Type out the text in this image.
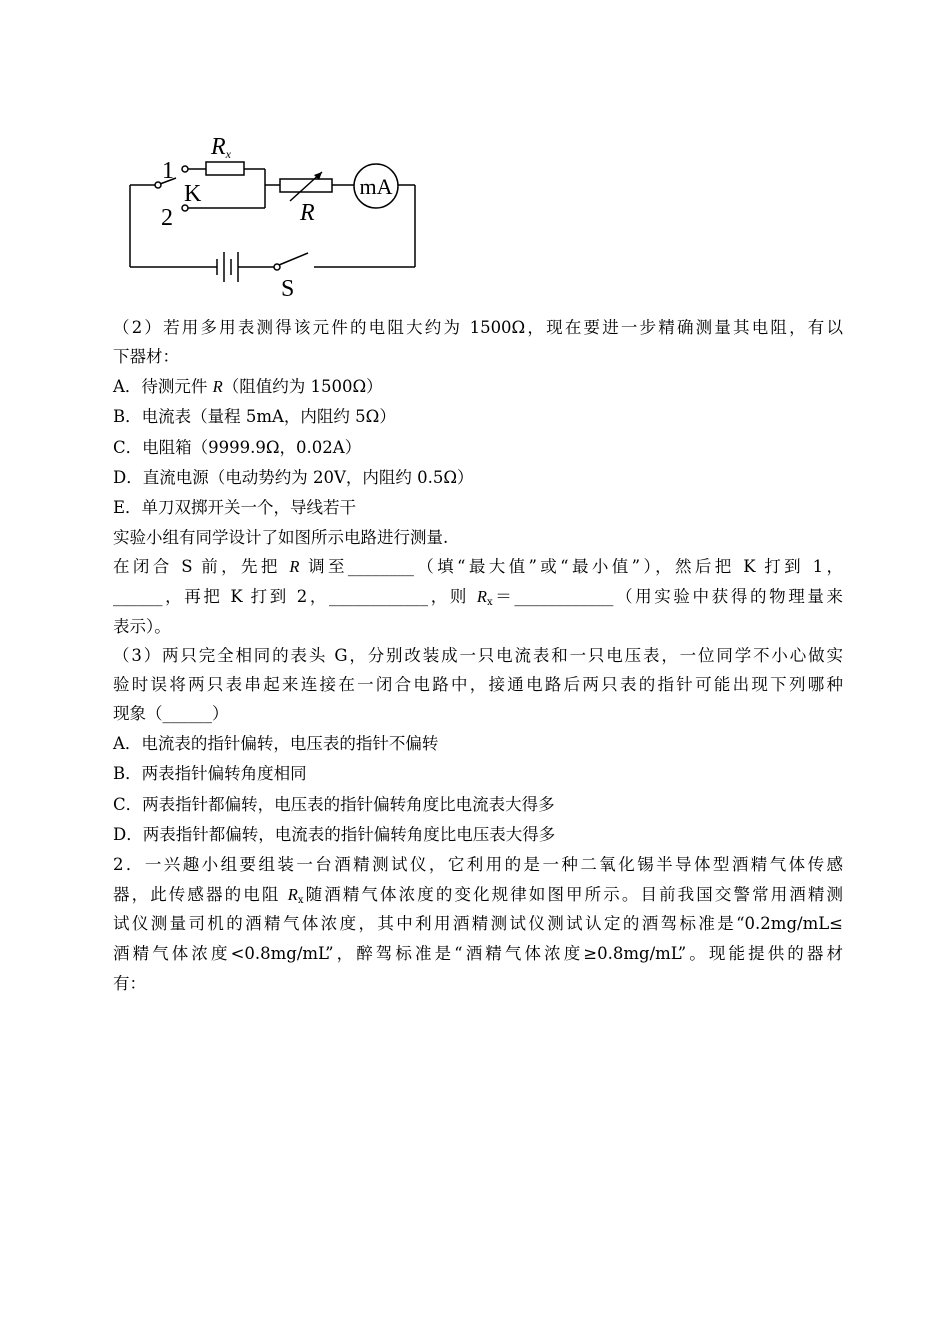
Rx
1
2
K
R
mA
S
（2）若用多用表测得该元件的电阻大约为 1500Ω，现在要进一步精确测量其电阻，有以
下器材：
A．待测元件 R（阻值约为 1500Ω）
B．电流表（量程 5mA，内阻约 5Ω）
C．电阻箱（9999.9Ω，0.02A）
D．直流电源（电动势约为 20V，内阻约 0.5Ω）
E．单刀双掷开关一个，导线若干
实验小组有同学设计了如图所示电路进行测量.
在闭合 S 前，先把 R 调至________（填“最大值”或“最小值”），然后把 K 打到 1，
______，再把 K 打到 2，____________，则 $R_x=\_\_\_\_\_\_\_\_\_\_\_\_$（用实验中获得的物理量来
表示）。
（3）两只完全相同的表头 G，分别改装成一只电流表和一只电压表，一位同学不小心做实
验时误将两只表串起来连接在一闭合电路中，接通电路后两只表的指针可能出现下列哪种
现象（______）
A．电流表的指针偏转，电压表的指针不偏转
B．两表指针偏转角度相同
C．两表指针都偏转，电压表的指针偏转角度比电流表大得多
D．两表指针都偏转，电流表的指针偏转角度比电压表大得多
2．一兴趣小组要组装一台酒精测试仪，它利用的是一种二氧化锡半导体型酒精气体传感
器，此传感器的电阻 $R_x$随酒精气体浓度的变化规律如图甲所示。目前我国交警常用酒精测
试仪测量司机的酒精气体浓度，其中利用酒精测试仪测试认定的酒驾标准是“0.2mg/mL≤
酒精气体浓度<0.8mg/mL”，醉驾标准是“酒精气体浓度≥0.8mg/mL”。现能提供的器材
有：
